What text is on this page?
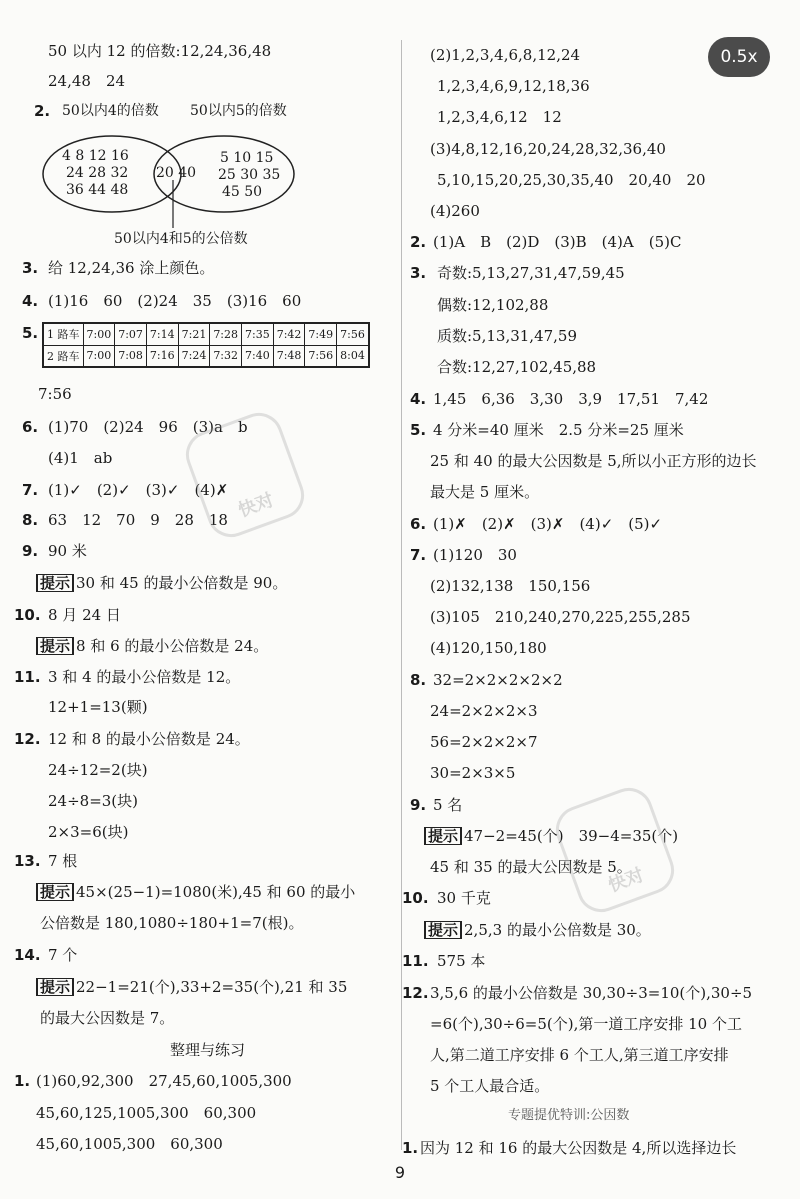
0.5x
50 以内 12 的倍数:12,24,36,48
24,48　24
2. 50以内4的倍数 50以内5的倍数
4 8 12 16
24 28 32
36 44 48
20 40
5 10 15
25 30 35
45 50
50以内4和5的公倍数
3. 给 12,24,36 涂上颜色。
4. (1)16　60　(2)24　35　(3)16　60
5. 1 路车	7:00	7:07	7:14	7:21	7:28	7:35	7:42	7:49	7:56
2 路车	7:00	7:08	7:16	7:24	7:32	7:40	7:48	7:56	8:04
7:56
6. (1)70　(2)24　96　(3)a　b
(4)1　ab
7. (1)✓　(2)✓　(3)✓　(4)✗
8. 63　12　70　9　28　18
9. 90 米
提示 30 和 45 的最小公倍数是 90。
10. 8 月 24 日
提示 8 和 6 的最小公倍数是 24。
11. 3 和 4 的最小公倍数是 12。
12+1=13(颗)
12. 12 和 8 的最小公倍数是 24。
24÷12=2(块)
24÷8=3(块)
2×3=6(块)
13. 7 根
提示 45×(25−1)=1080(米),45 和 60 的最小
公倍数是 180,1080÷180+1=7(根)。
14. 7 个
提示 22−1=21(个),33+2=35(个),21 和 35
的最大公因数是 7。
整理与练习
1. (1)60,92,300　27,45,60,1005,300
45,60,125,1005,300　60,300
45,60,1005,300　60,300
(2)1,2,3,4,6,8,12,24
1,2,3,4,6,9,12,18,36
1,2,3,4,6,12　12
(3)4,8,12,16,20,24,28,32,36,40
5,10,15,20,25,30,35,40　20,40　20
(4)260
2. (1)A　B　(2)D　(3)B　(4)A　(5)C
3. 奇数:5,13,27,31,47,59,45
偶数:12,102,88
质数:5,13,31,47,59
合数:12,27,102,45,88
4. 1,45　6,36　3,30　3,9　17,51　7,42
5. 4 分米=40 厘米　2.5 分米=25 厘米
25 和 40 的最大公因数是 5,所以小正方形的边长
最大是 5 厘米。
6. (1)✗　(2)✗　(3)✗　(4)✓　(5)✓
7. (1)120　30
(2)132,138　150,156
(3)105　210,240,270,225,255,285
(4)120,150,180
8. 32=2×2×2×2×2
24=2×2×2×3
56=2×2×2×7
30=2×3×5
9. 5 名
提示 47−2=45(个)　39−4=35(个)
45 和 35 的最大公因数是 5。
10. 30 千克
提示 2,5,3 的最小公倍数是 30。
11. 575 本
12. 3,5,6 的最小公倍数是 30,30÷3=10(个),30÷5
=6(个),30÷6=5(个),第一道工序安排 10 个工
人,第二道工序安排 6 个工人,第三道工序安排
5 个工人最合适。
专题提优特训:公因数
1. 因为 12 和 16 的最大公因数是 4,所以选择边长
快对
快对
9
